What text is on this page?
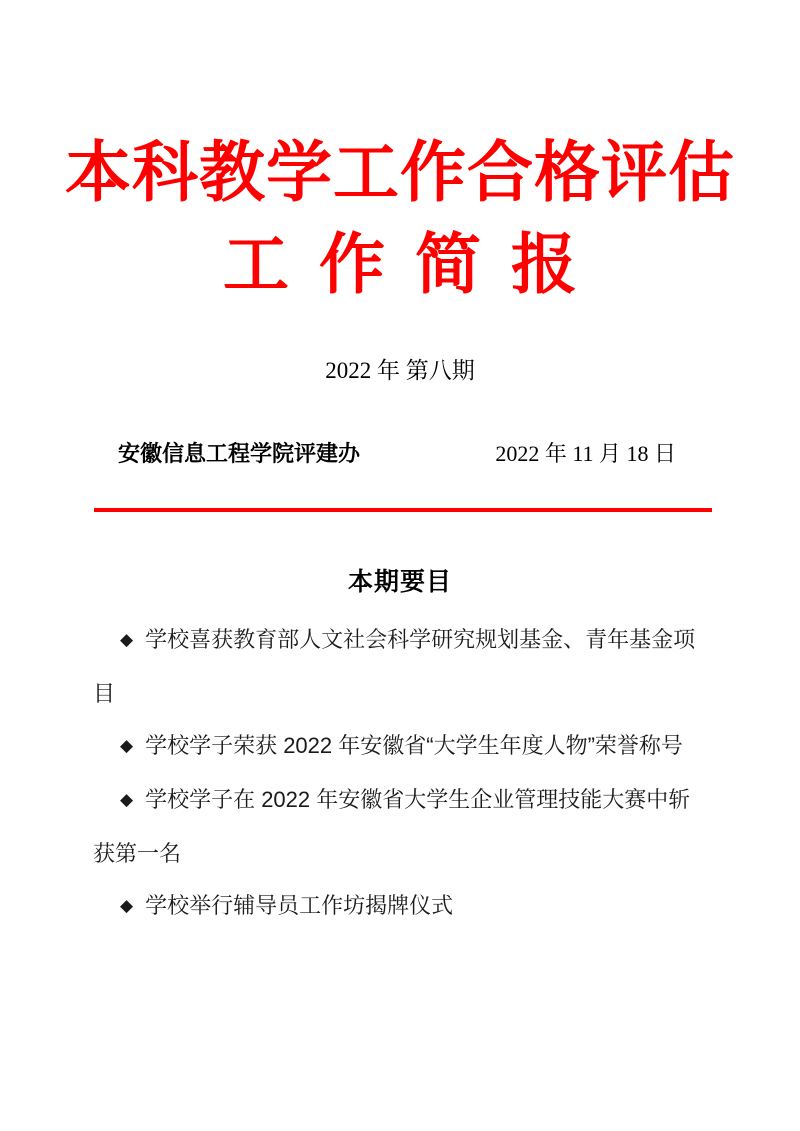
本科教学工作合格评估
工作简报
2022 年 第八期
安徽信息工程学院评建办	2022 年 11 月 18 日
本期要目

◆ 学校喜获教育部人文社会科学研究规划基金、青年基金项目

◆ 学校学子荣获 2022 年安徽省“大学生年度人物”荣誉称号

◆ 学校学子在 2022 年安徽省大学生企业管理技能大赛中斩获第一名

◆ 学校举行辅导员工作坊揭牌仪式
